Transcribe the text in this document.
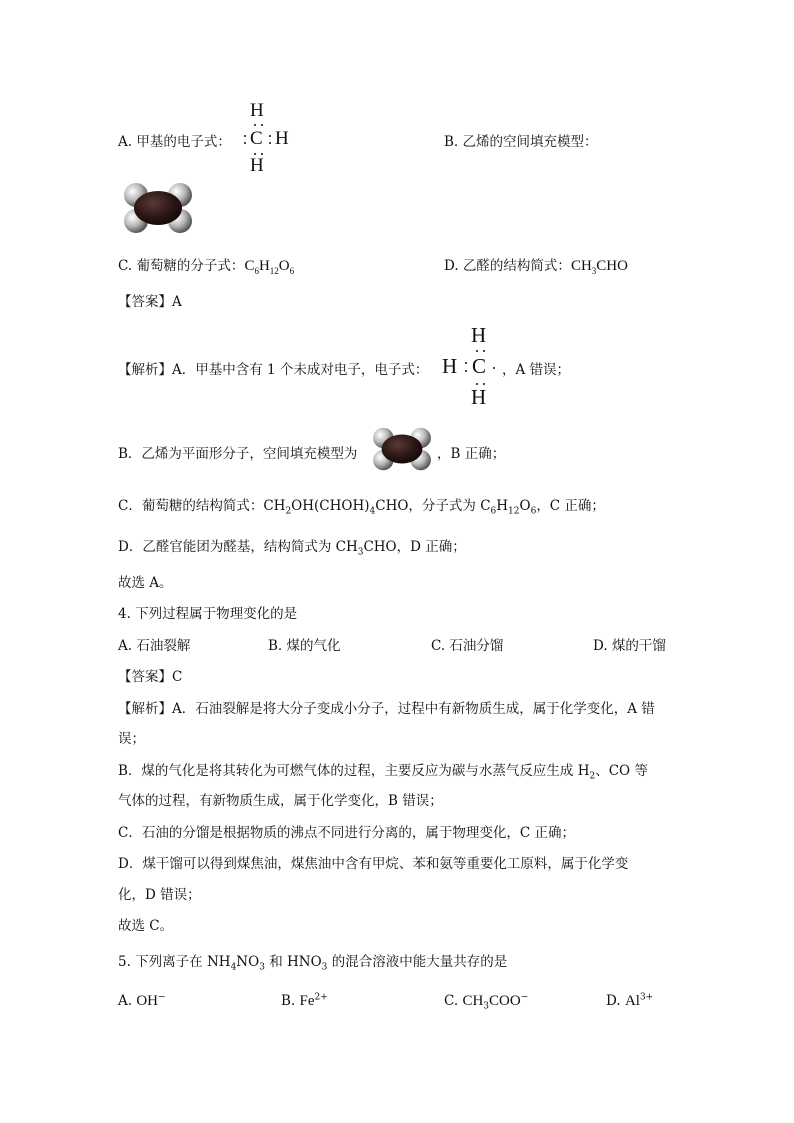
A. 甲基的电子式：
H
C H
H
B. 乙烯的空间填充模型：
C. 葡萄糖的分子式：$C_6H_{12}O_6$	D. 乙醛的结构简式：$CH_3CHO$
【答案】A
【解析】A．甲基中含有 1 个未成对电子，电子式：
H
H C
H
，A 错误；
B．乙烯为平面形分子，空间填充模型为	，B 正确；
C．葡萄糖的结构简式：$CH_2OH(CHOH)_4CHO$，分子式为 $C_6H_{12}O_6$，C 正确；
D．乙醛官能团为醛基，结构简式为 $CH_3CHO$，D 正确；
故选 A。
4. 下列过程属于物理变化的是
A. 石油裂解	B. 煤的气化	C. 石油分馏	D. 煤的干馏
【答案】C
【解析】A．石油裂解是将大分子变成小分子，过程中有新物质生成，属于化学变化，A 错
误；
B．煤的气化是将其转化为可燃气体的过程，主要反应为碳与水蒸气反应生成 $H_2$、CO 等
气体的过程，有新物质生成，属于化学变化，B 错误；
C．石油的分馏是根据物质的沸点不同进行分离的，属于物理变化，C 正确；
D．煤干馏可以得到煤焦油，煤焦油中含有甲烷、苯和氨等重要化工原料，属于化学变
化，D 错误；
故选 C。
5. 下列离子在 $NH_4NO_3$ 和 $HNO_3$ 的混合溶液中能大量共存的是
A. OH−	B. $Fe^{2+}$	C. $CH_3COO^-$	D. $Al^{3+}$
